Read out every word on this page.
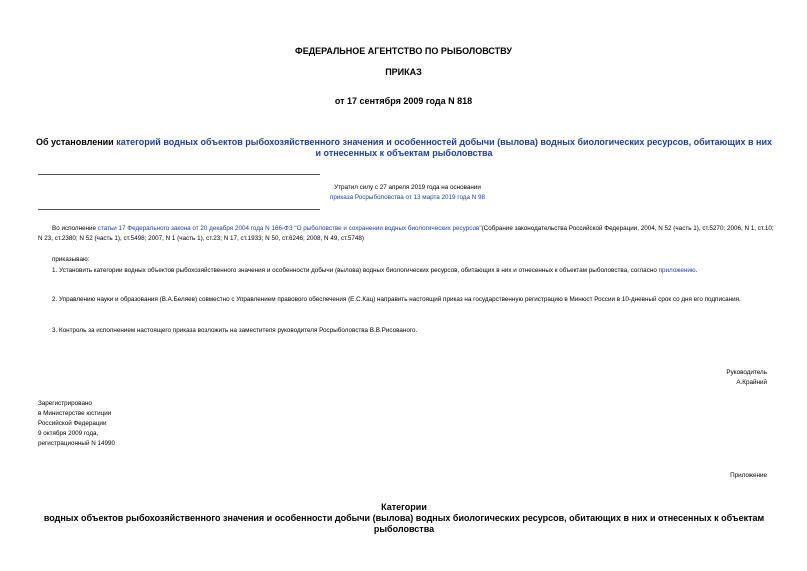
ФЕДЕРАЛЬНОЕ АГЕНТСТВО ПО РЫБОЛОВСТВУ
ПРИКАЗ
от 17 сентября 2009 года N 818
Об установлении категорий водных объектов рыбохозяйственного значения и особенностей добычи (вылова) водных биологических ресурсов, обитающих в них и отнесенных к объектам рыболовства
Утратил силу с 27 апреля 2019 года на основании
приказа Росрыболовства от 13 марта 2019 года N 98
Во исполнение статьи 17 Федерального закона от 20 декабря 2004 года N 166-ФЗ "О рыболовстве и сохранении водных биологических ресурсов"(Собрание законодательства Российской Федерации, 2004, N 52 (часть 1), ст.5270; 2006, N 1, ст.10; N 23, ст.2380; N 52 (часть 1), ст.5498; 2007, N 1 (часть 1), ст.23; N 17, ст.1933; N 50, ст.6246; 2008, N 49, ст.5748)
приказываю:
1. Установить категории водных объектов рыбохозяйственного значения и особенности добычи (вылова) водных биологических ресурсов, обитающих в них и отнесенных к объектам рыболовства, согласно приложению.
2. Управлению науки и образования (В.А.Беляев) совместно с Управлением правового обеспечения (Е.С.Кац) направить настоящий приказ на государственную регистрацию в Минюст России в 10-дневный срок со дня его подписания.
3. Контроль за исполнением настоящего приказа возложить на заместителя руководителя Росрыболовства В.В.Рисованого.
Руководитель
А.Крайний
Зарегистрировано
в Министерстве юстиции
Российской Федерации
9 октября 2009 года,
регистрационный N 14990
Приложение
Категории
водных объектов рыбохозяйственного значения и особенности добычи (вылова) водных биологических ресурсов, обитающих в них и отнесенных к объектам рыболовства
